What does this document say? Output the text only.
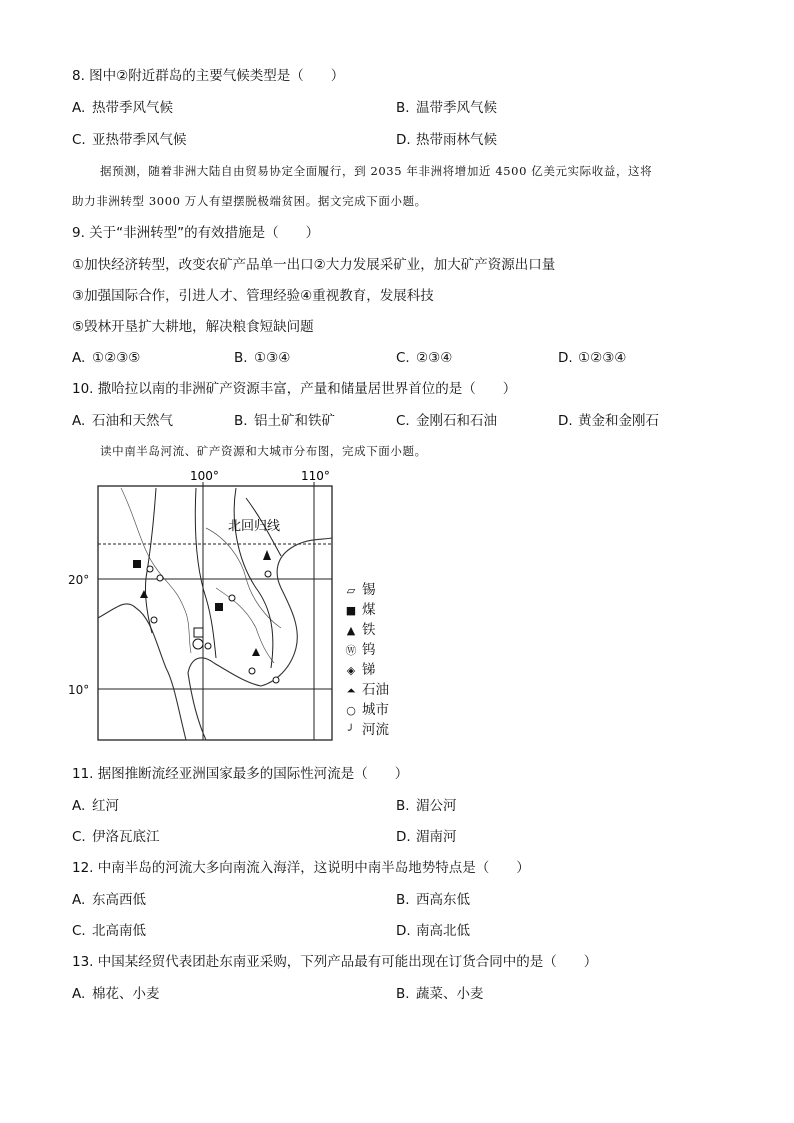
8. 图中②附近群岛的主要气候类型是（　　）
A. 热带季风气候	B. 温带季风气候
C. 亚热带季风气候	D. 热带雨林气候
据预测，随着非洲大陆自由贸易协定全面履行，到 2035 年非洲将增加近 4500 亿美元实际收益，这将
助力非洲转型 3000 万人有望摆脱极端贫困。据文完成下面小题。
9. 关于“非洲转型”的有效措施是（　　）
①加快经济转型，改变农矿产品单一出口②大力发展采矿业，加大矿产资源出口量
③加强国际合作，引进人才、管理经验④重视教育，发展科技
⑤毁林开垦扩大耕地，解决粮食短缺问题
A. ①②③⑤	B. ①③④	C. ②③④	D. ①②③④
10. 撒哈拉以南的非洲矿产资源丰富，产量和储量居世界首位的是（　　）
A. 石油和天然气	B. 铝土矿和铁矿	C. 金刚石和石油	D. 黄金和金刚石
读中南半岛河流、矿产资源和大城市分布图，完成下面小题。
100°	110°
北回归线
20°
10°
▱ 锡
■ 煤
▲ 铁
Ⓦ 钨
◈ 锑
⏶ 石油
○ 城市
╯ 河流
11. 据图推断流经亚洲国家最多的国际性河流是（　　）
A. 红河	B. 湄公河
C. 伊洛瓦底江	D. 湄南河
12. 中南半岛的河流大多向南流入海洋，这说明中南半岛地势特点是（　　）
A. 东高西低	B. 西高东低
C. 北高南低	D. 南高北低
13. 中国某经贸代表团赴东南亚采购，下列产品最有可能出现在订货合同中的是（　　）
A. 棉花、小麦	B. 蔬菜、小麦
